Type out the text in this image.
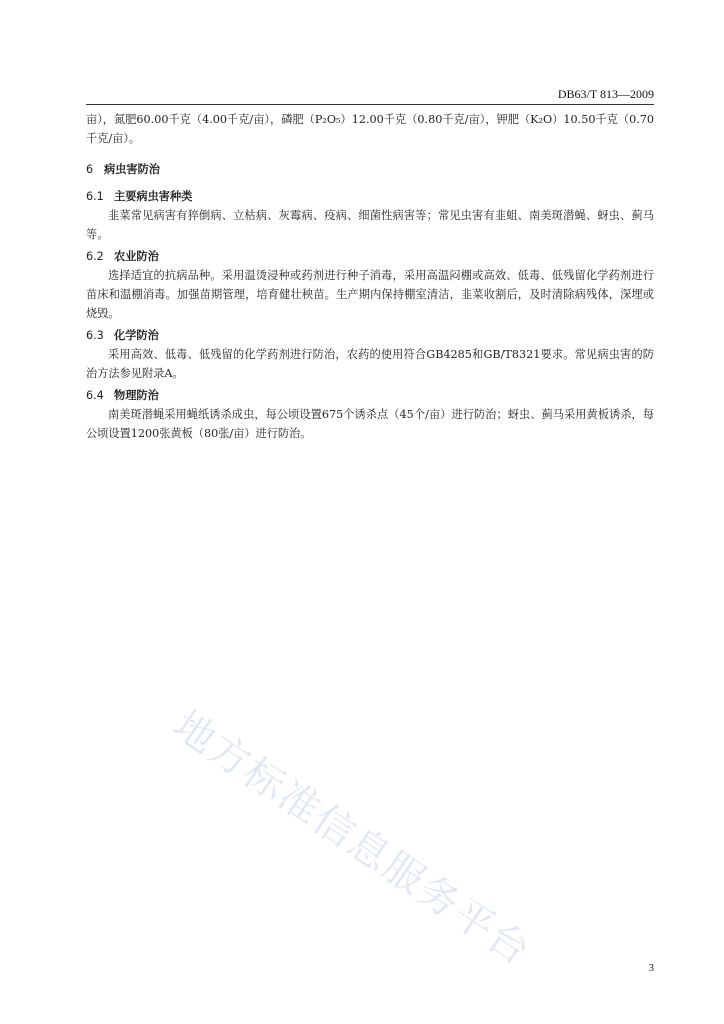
DB63/T 813—2009

亩），氮肥60.00千克（4.00千克/亩），磷肥（P₂O₅）12.00千克（0.80千克/亩），钾肥（K₂O）10.50千克（0.70千克/亩）。

6 病虫害防治
6.1 主要病虫害种类

韭菜常见病害有猝倒病、立枯病、灰霉病、疫病、细菌性病害等；常见虫害有韭蛆、南美斑潜蝇、蚜虫、蓟马等。

6.2 农业防治

选择适宜的抗病品种。采用温烫浸种或药剂进行种子消毒，采用高温闷棚或高效、低毒、低残留化学药剂进行苗床和温棚消毒。加强苗期管理，培育健壮秧苗。生产期内保持棚室清洁，韭菜收割后，及时清除病残体，深埋或烧毁。

6.3 化学防治

采用高效、低毒、低残留的化学药剂进行防治，农药的使用符合GB4285和GB/T8321要求。常见病虫害的防治方法参见附录A。

6.4 物理防治

南美斑潜蝇采用蝇纸诱杀成虫，每公顷设置675个诱杀点（45个/亩）进行防治；蚜虫、蓟马采用黄板诱杀，每公顷设置1200张黄板（80张/亩）进行防治。

地方标准信息服务平台	3
